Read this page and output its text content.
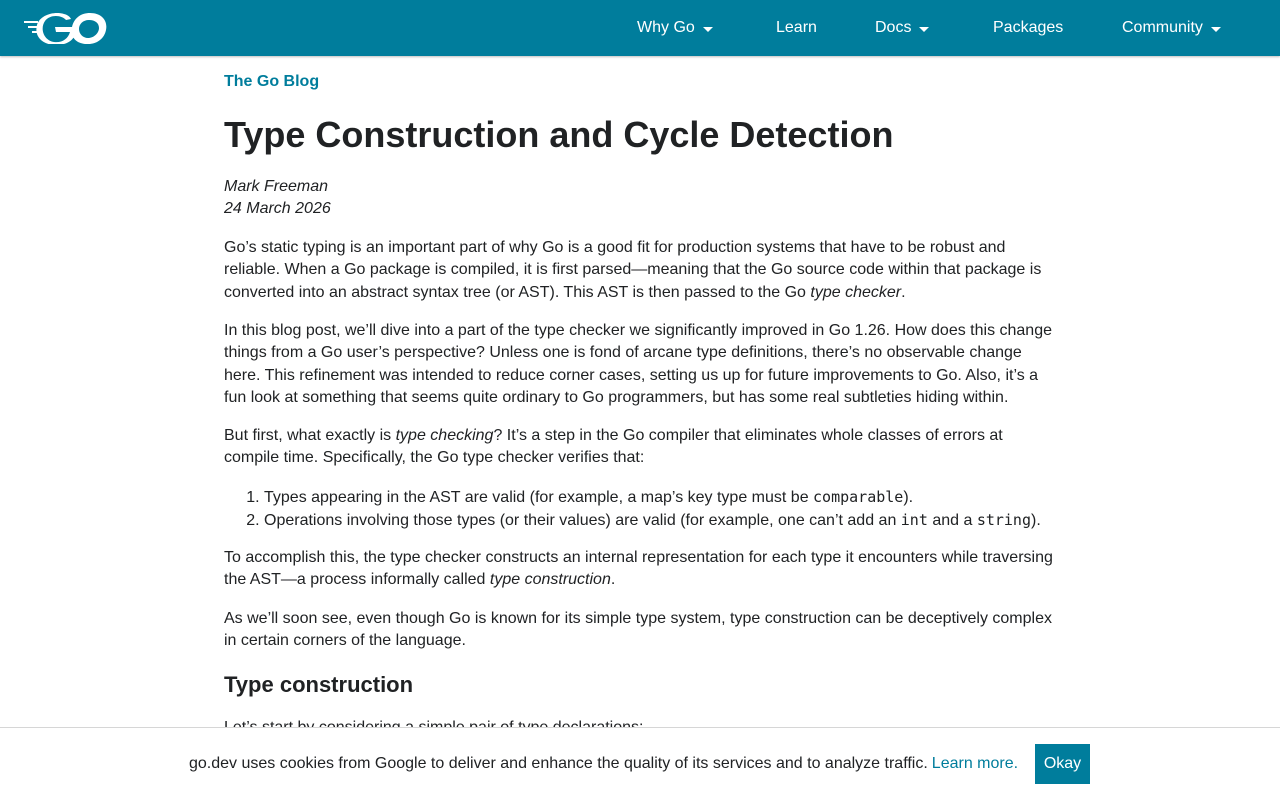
Why Go	Learn	Docs	Packages	Community
The Go Blog
Type Construction and Cycle Detection
Mark Freeman
24 March 2026

Go’s static typing is an important part of why Go is a good fit for production systems that have to be robust and reliable. When a Go package is compiled, it is first parsed—meaning that the Go source code within that package is converted into an abstract syntax tree (or AST). This AST is then passed to the Go type checker.

In this blog post, we’ll dive into a part of the type checker we significantly improved in Go 1.26. How does this change things from a Go user’s perspective? Unless one is fond of arcane type definitions, there’s no observable change here. This refinement was intended to reduce corner cases, setting us up for future improvements to Go. Also, it’s a fun look at something that seems quite ordinary to Go programmers, but has some real subtleties hiding within.

But first, what exactly is type checking? It’s a step in the Go compiler that eliminates whole classes of errors at compile time. Specifically, the Go type checker verifies that:

1. Types appearing in the AST are valid (for example, a map’s key type must be comparable).
2. Operations involving those types (or their values) are valid (for example, one can’t add an int and a string).

To accomplish this, the type checker constructs an internal representation for each type it encounters while traversing the AST—a process informally called type construction.

As we’ll soon see, even though Go is known for its simple type system, type construction can be deceptively complex in certain corners of the language.

Type construction

go.dev uses cookies from Google to deliver and enhance the quality of its services and to analyze traffic. Learn more.	Okay
